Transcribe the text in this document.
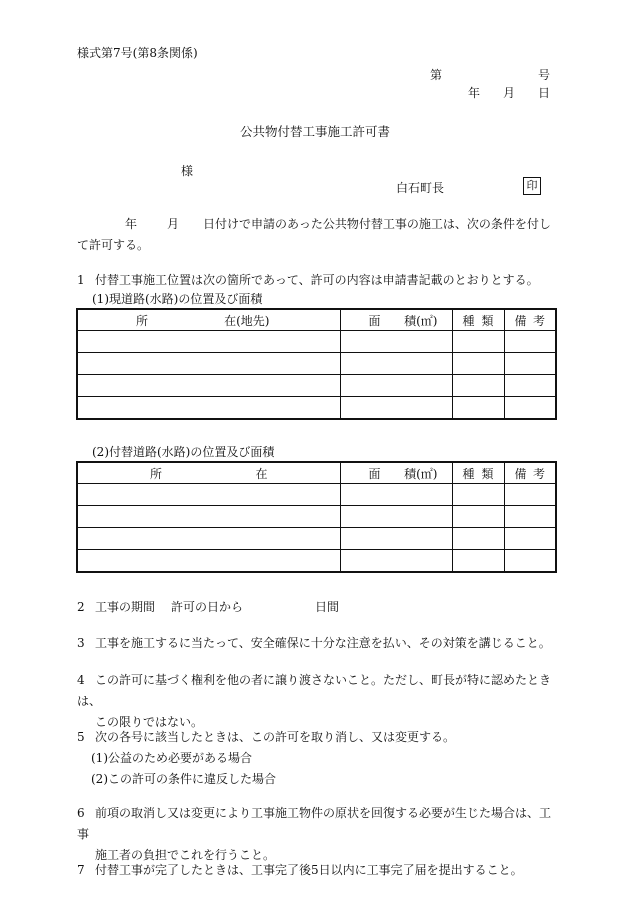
様式第7号(第8条関係)
第	号
年 月 日
公共物付替工事施工許可書
様
白石町長	印
年	月 日付けで申請のあった公共物付替工事の施工は、次の条件を付して許可する。
1 付替工事施工位置は次の箇所であって、許可の内容は申請書記載のとおりとする。
(1)現道路(水路)の位置及び面積
所 在(地先)	面 積(㎡)	種 類	備 考

(2)付替道路(水路)の位置及び面積
所 在	面 積(㎡)	種 類	備 考

2 工事の期間 許可の日から	日間
3 工事を施工するに当たって、安全確保に十分な注意を払い、その対策を講じること。
4 この許可に基づく権利を他の者に譲り渡さないこと。ただし、町長が特に認めたときは、
この限りではない。
5 次の各号に該当したときは、この許可を取り消し、又は変更する。
(1)公益のため必要がある場合
(2)この許可の条件に違反した場合
6 前項の取消し又は変更により工事施工物件の原状を回復する必要が生じた場合は、工事
施工者の負担でこれを行うこと。
7 付替工事が完了したときは、工事完了後5日以内に工事完了届を提出すること。
